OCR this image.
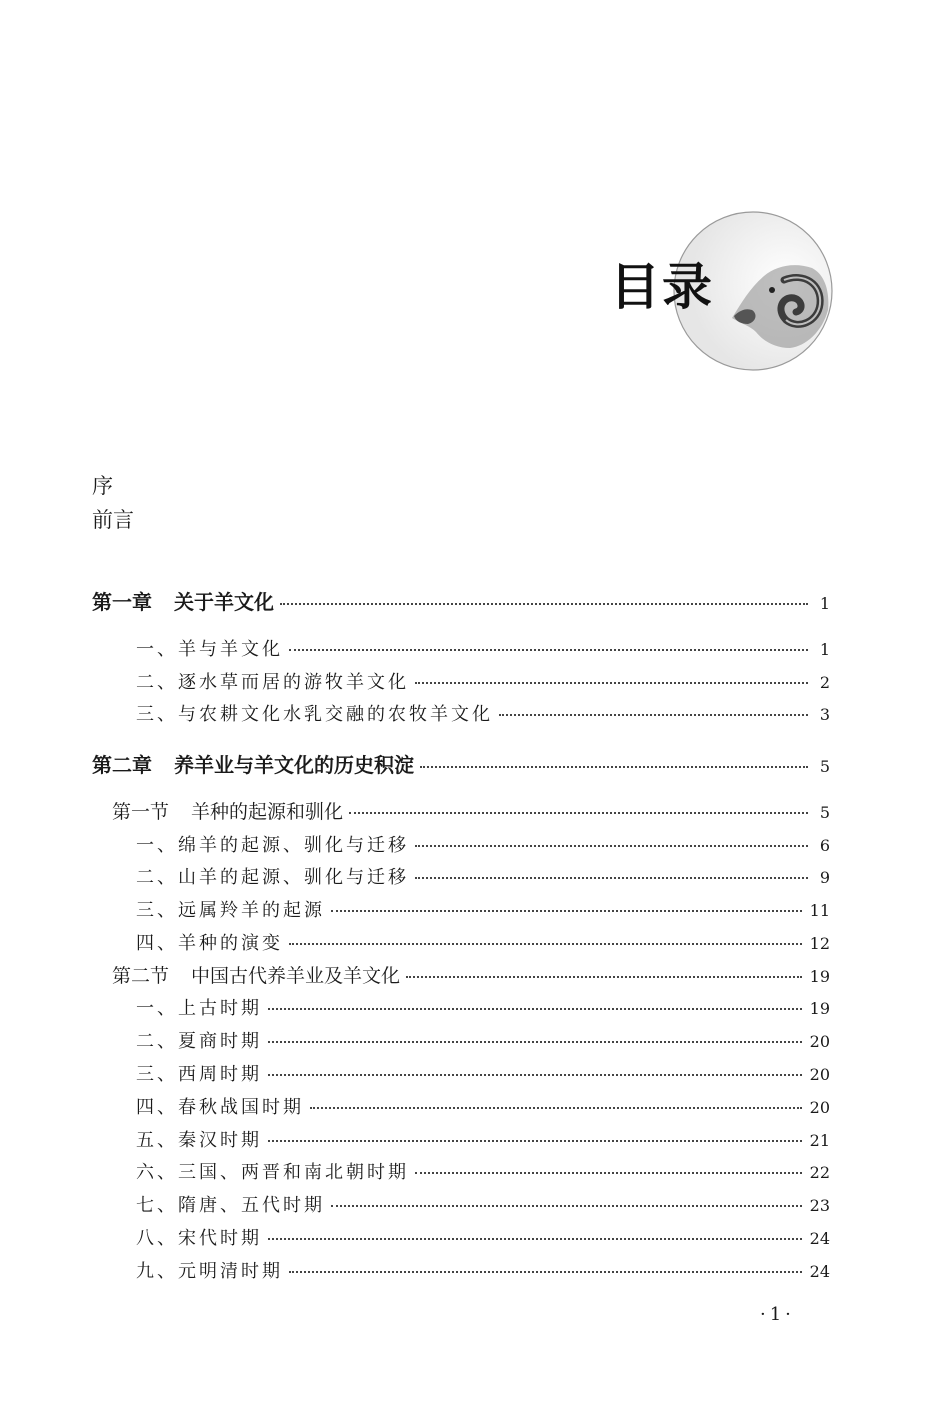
目录
序
前言
第一章 关于羊文化	1
一、羊与羊文化	1
二、逐水草而居的游牧羊文化	2
三、与农耕文化水乳交融的农牧羊文化	3
第二章 养羊业与羊文化的历史积淀	5
第一节 羊种的起源和驯化	5
一、绵羊的起源、驯化与迁移	6
二、山羊的起源、驯化与迁移	9
三、远属羚羊的起源	11
四、羊种的演变	12
第二节 中国古代养羊业及羊文化	19
一、上古时期	19
二、夏商时期	20
三、西周时期	20
四、春秋战国时期	20
五、秦汉时期	21
六、三国、两晋和南北朝时期	22
七、隋唐、五代时期	23
八、宋代时期	24
九、元明清时期	24
·1·
